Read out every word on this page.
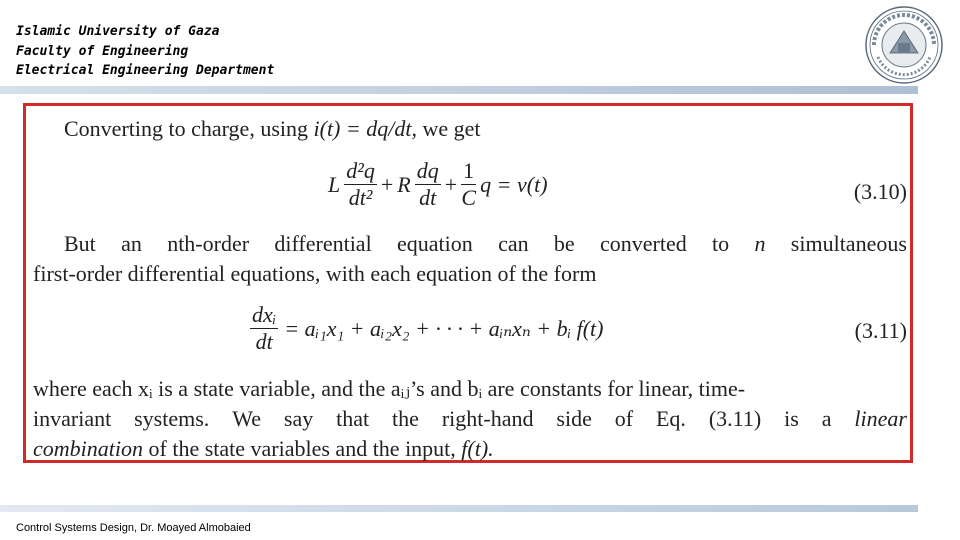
Islamic University of Gaza
Faculty of Engineering
Electrical Engineering Department
Converting to charge, using i(t) = dq/dt, we get
L $\frac{\text{d²q}}{\text{dt²}} + R \frac{dq}{dt} + \frac{1}{C}$ q = v(t)	(3.10)
But an nth-order differential equation can be converted to n simultaneous
first-order differential equations, with each equation of the form
$\frac{\text{dxᵢ}}{dt}$ = aᵢ₁x₁ + aᵢ₂x₂ + · · · + aᵢₙxₙ + bᵢ f(t)	(3.11)
where each xᵢ is a state variable, and the aᵢⱼ’s and bᵢ are constants for linear, time-
invariant systems. We say that the right-hand side of Eq. (3.11) is a linear
combination of the state variables and the input, f(t).
Control Systems Design, Dr. Moayed Almobaied
